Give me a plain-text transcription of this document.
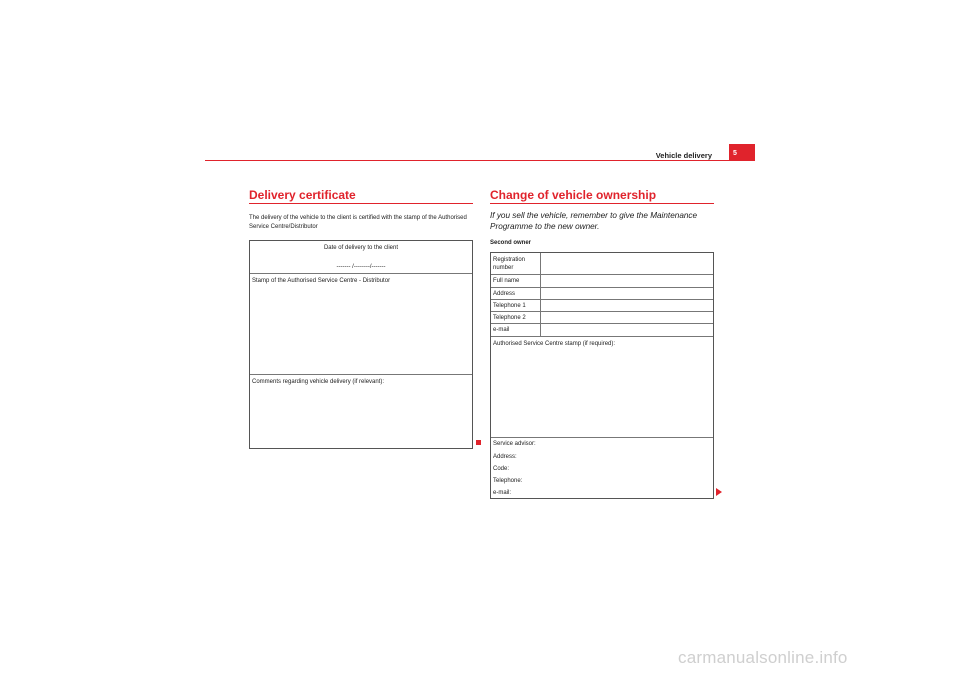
Vehicle delivery	5
Delivery certificate
The delivery of the vehicle to the client is certified with the stamp of the Authorised Service Centre/Distributor
Date of delivery to the client
------- /--------/-------
Stamp of the Authorised Service Centre - Distributor
Comments regarding vehicle delivery (if relevant):
Change of vehicle ownership
If you sell the vehicle, remember to give the Maintenance Programme to the new owner.
Second owner
Registration number
Full name
Address
Telephone 1
Telephone 2
e-mail
Authorised Service Centre stamp (if required):
Service advisor:
Address:
Code:
Telephone:
e-mail:
carmanualsonline.info
